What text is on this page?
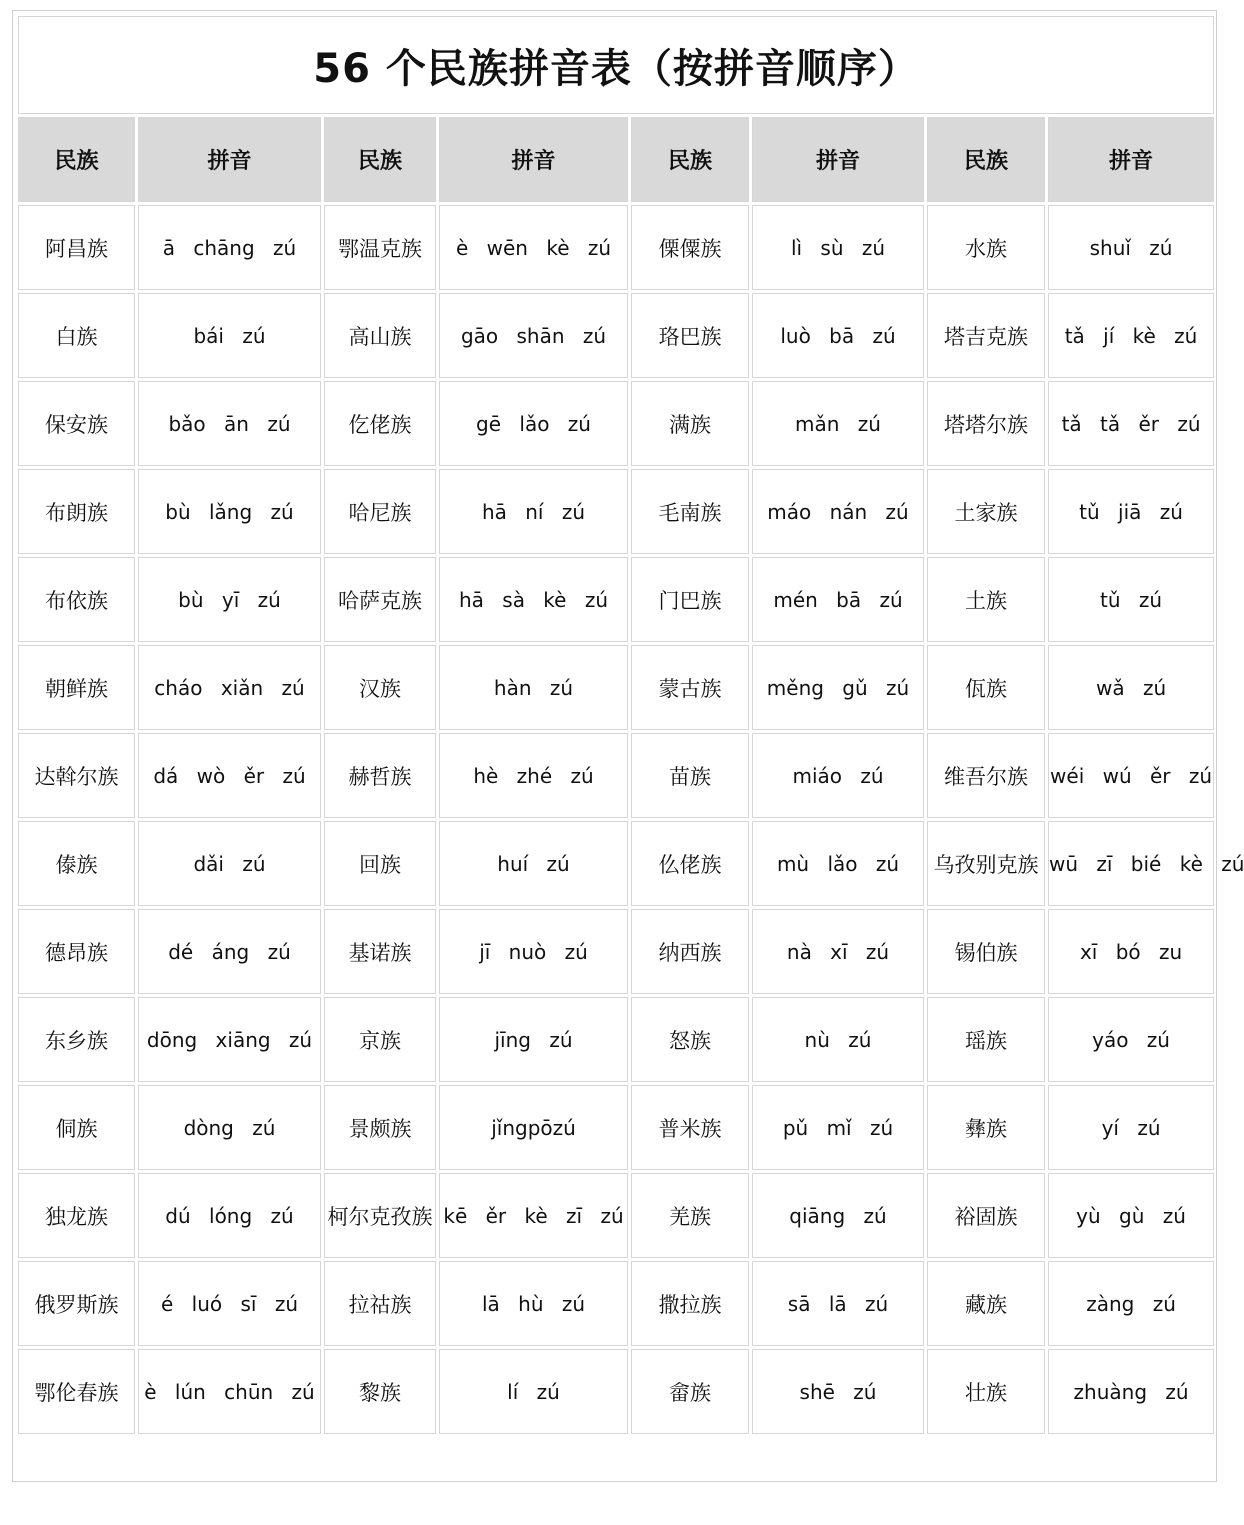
56 个民族拼音表（按拼音顺序）							
民族	拼音	民族	拼音	民族	拼音	民族	拼音
阿昌族	ā chāng zú	鄂温克族	è wēn kè zú	傈僳族	lì sù zú	水族	shuǐ zú
白族	bái zú	高山族	gāo shān zú	珞巴族	luò bā zú	塔吉克族	tǎ jí kè zú
保安族	bǎo ān zú	仡佬族	gē lǎo zú	满族	mǎn zú	塔塔尔族	tǎ tǎ ěr zú
布朗族	bù lǎng zú	哈尼族	hā ní zú	毛南族	máo nán zú	土家族	tǔ jiā zú
布依族	bù yī zú	哈萨克族	hā sà kè zú	门巴族	mén bā zú	土族	tǔ zú
朝鲜族	cháo xiǎn zú	汉族	hàn zú	蒙古族	měng gǔ zú	佤族	wǎ zú
达斡尔族	dá wò ěr zú	赫哲族	hè zhé zú	苗族	miáo zú	维吾尔族	wéi wú ěr zú
傣族	dǎi zú	回族	huí zú	仫佬族	mù lǎo zú	乌孜别克族	wū zī bié kè zú
德昂族	dé áng zú	基诺族	jī nuò zú	纳西族	nà xī zú	锡伯族	xī bó zu
东乡族	dōng xiāng zú	京族	jīng zú	怒族	nù zú	瑶族	yáo zú
侗族	dòng zú	景颇族	jǐngpōzú	普米族	pǔ mǐ zú	彝族	yí zú
独龙族	dú lóng zú	柯尔克孜族	kē ěr kè zī zú	羌族	qiāng zú	裕固族	yù gù zú
俄罗斯族	é luó sī zú	拉祜族	lā hù zú	撒拉族	sā lā zú	藏族	zàng zú
鄂伦春族	è lún chūn zú	黎族	lí zú	畲族	shē zú	壮族	zhuàng zú
